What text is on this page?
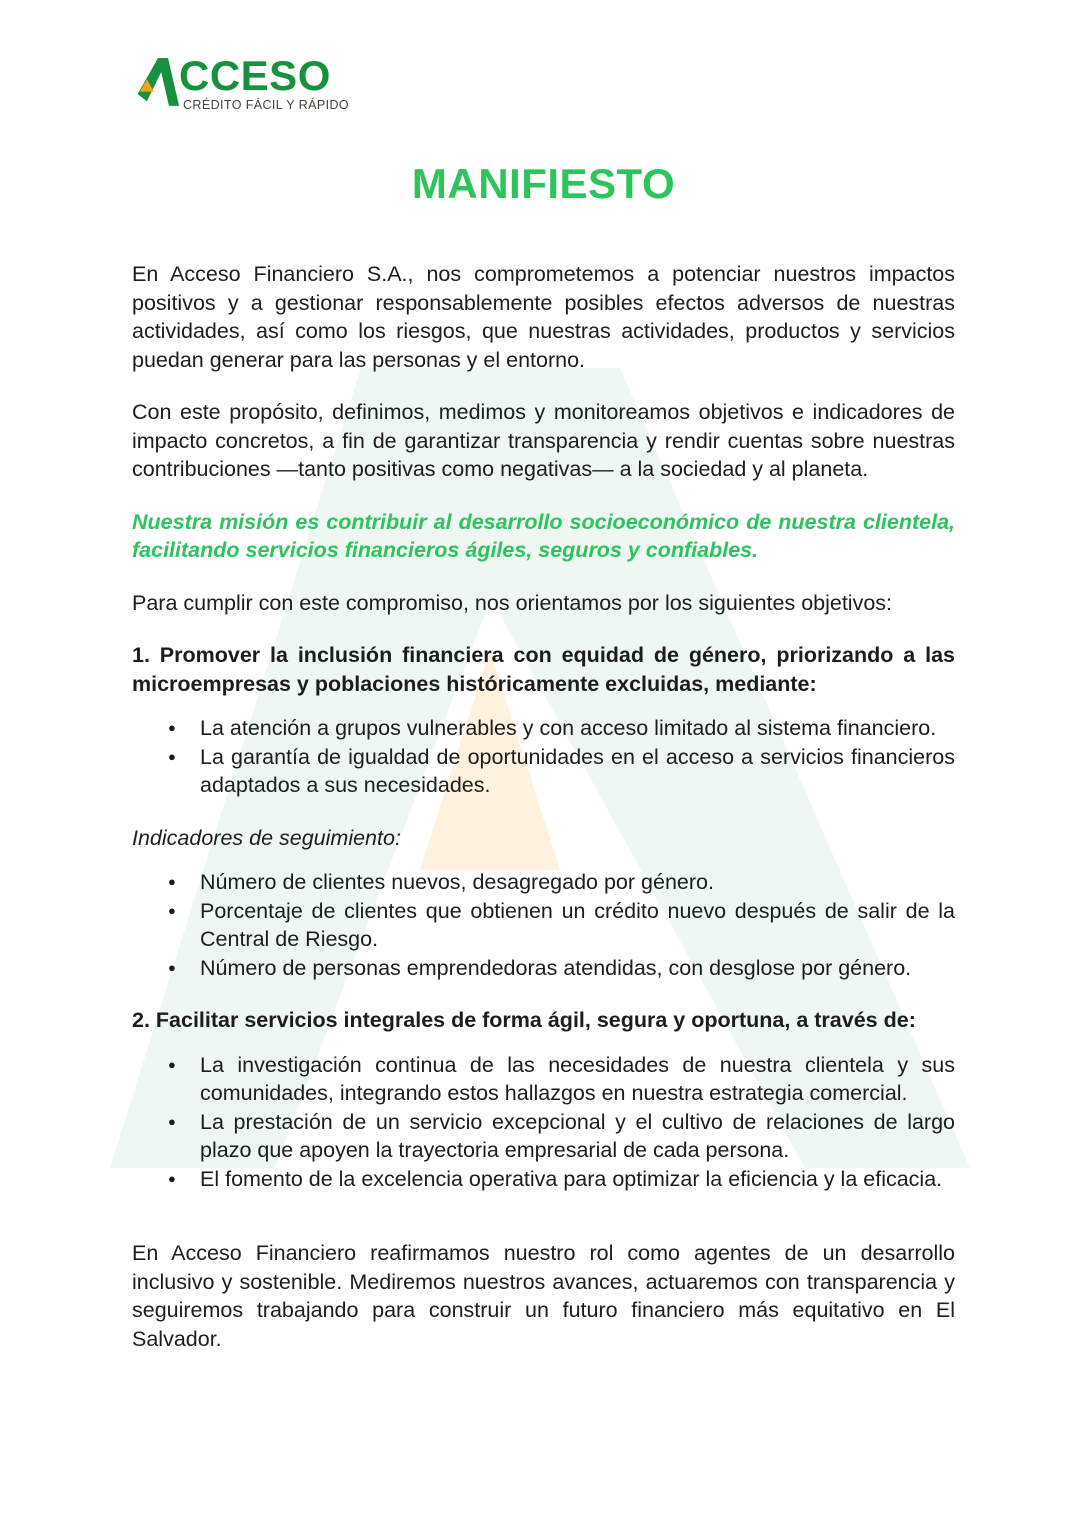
CCESO
CRÉDITO FÁCIL Y RÁPIDO
MANIFIESTO

En Acceso Financiero S.A., nos comprometemos a potenciar nuestros impactos positivos y a gestionar responsablemente posibles efectos adversos de nuestras actividades, así como los riesgos, que nuestras actividades, productos y servicios puedan generar para las personas y el entorno.

Con este propósito, definimos, medimos y monitoreamos objetivos e indicadores de impacto concretos, a fin de garantizar transparencia y rendir cuentas sobre nuestras contribuciones —tanto positivas como negativas— a la sociedad y al planeta.

Nuestra misión es contribuir al desarrollo socioeconómico de nuestra clientela, facilitando servicios financieros ágiles, seguros y confiables.

Para cumplir con este compromiso, nos orientamos por los siguientes objetivos:

1. Promover la inclusión financiera con equidad de género, priorizando a las microempresas y poblaciones históricamente excluidas, mediante:
● La atención a grupos vulnerables y con acceso limitado al sistema financiero.
● La garantía de igualdad de oportunidades en el acceso a servicios financieros adaptados a sus necesidades.

Indicadores de seguimiento:

● Número de clientes nuevos, desagregado por género.
● Porcentaje de clientes que obtienen un crédito nuevo después de salir de la Central de Riesgo.
● Número de personas emprendedoras atendidas, con desglose por género.
2. Facilitar servicios integrales de forma ágil, segura y oportuna, a través de:
● La investigación continua de las necesidades de nuestra clientela y sus comunidades, integrando estos hallazgos en nuestra estrategia comercial.
● La prestación de un servicio excepcional y el cultivo de relaciones de largo plazo que apoyen la trayectoria empresarial de cada persona.
● El fomento de la excelencia operativa para optimizar la eficiencia y la eficacia.

En Acceso Financiero reafirmamos nuestro rol como agentes de un desarrollo inclusivo y sostenible. Mediremos nuestros avances, actuaremos con transparencia y seguiremos trabajando para construir un futuro financiero más equitativo en El Salvador.
